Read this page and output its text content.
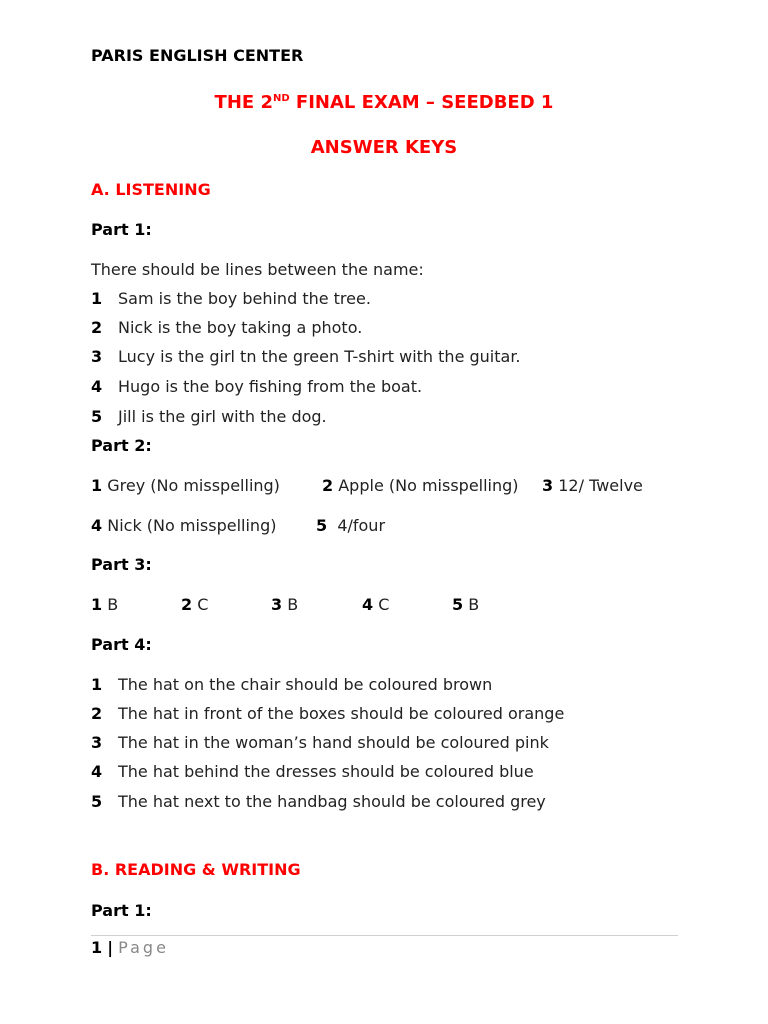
PARIS ENGLISH CENTER
THE 2ND FINAL EXAM – SEEDBED 1
ANSWER KEYS
A. LISTENING
Part 1:
There should be lines between the name:
1 Sam is the boy behind the tree.
2 Nick is the boy taking a photo.
3 Lucy is the girl tn the green T-shirt with the guitar.
4 Hugo is the boy fishing from the boat.
5 Jill is the girl with the dog.
Part 2:
1 Grey (No misspelling)	2 Apple (No misspelling) 3 12/ Twelve
4 Nick (No misspelling) 5 4/four
Part 3:
1 B	2 C	3 B	4 C	5 B
Part 4:
1 The hat on the chair should be coloured brown
2 The hat in front of the boxes should be coloured orange
3 The hat in the woman’s hand should be coloured pink
4 The hat behind the dresses should be coloured blue
5 The hat next to the handbag should be coloured grey
B. READING & WRITING
Part 1:
1 | Page
